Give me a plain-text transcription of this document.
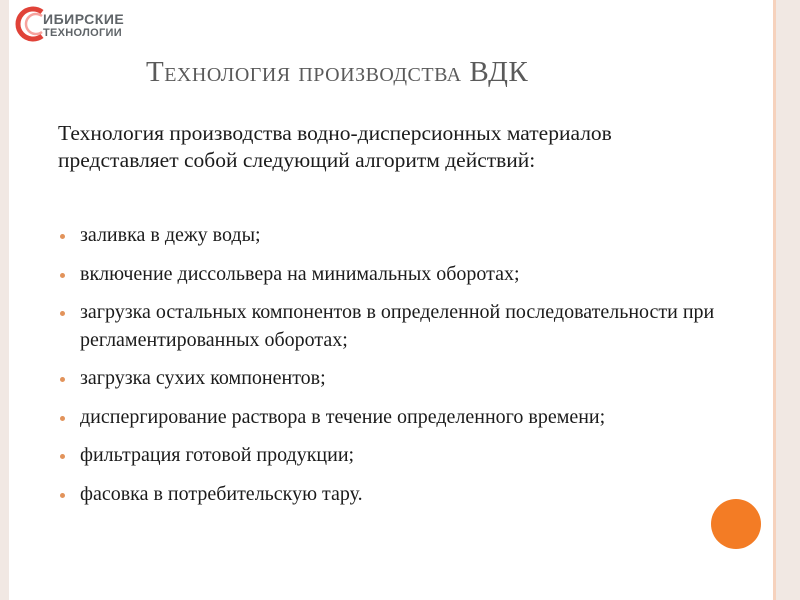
ИБИРСКИЕ
ТЕХНОЛОГИИ
Технология производства ВДК
Технология производства водно-дисперсионных материалов представляет собой следующий алгоритм действий:
заливка в дежу воды;
включение диссольвера на минимальных оборотах;
загрузка остальных компонентов в определенной последовательности при регламентированных оборотах;
загрузка сухих компонентов;
диспергирование раствора в течение определенного времени;
фильтрация готовой продукции;
фасовка в потребительскую тару.
